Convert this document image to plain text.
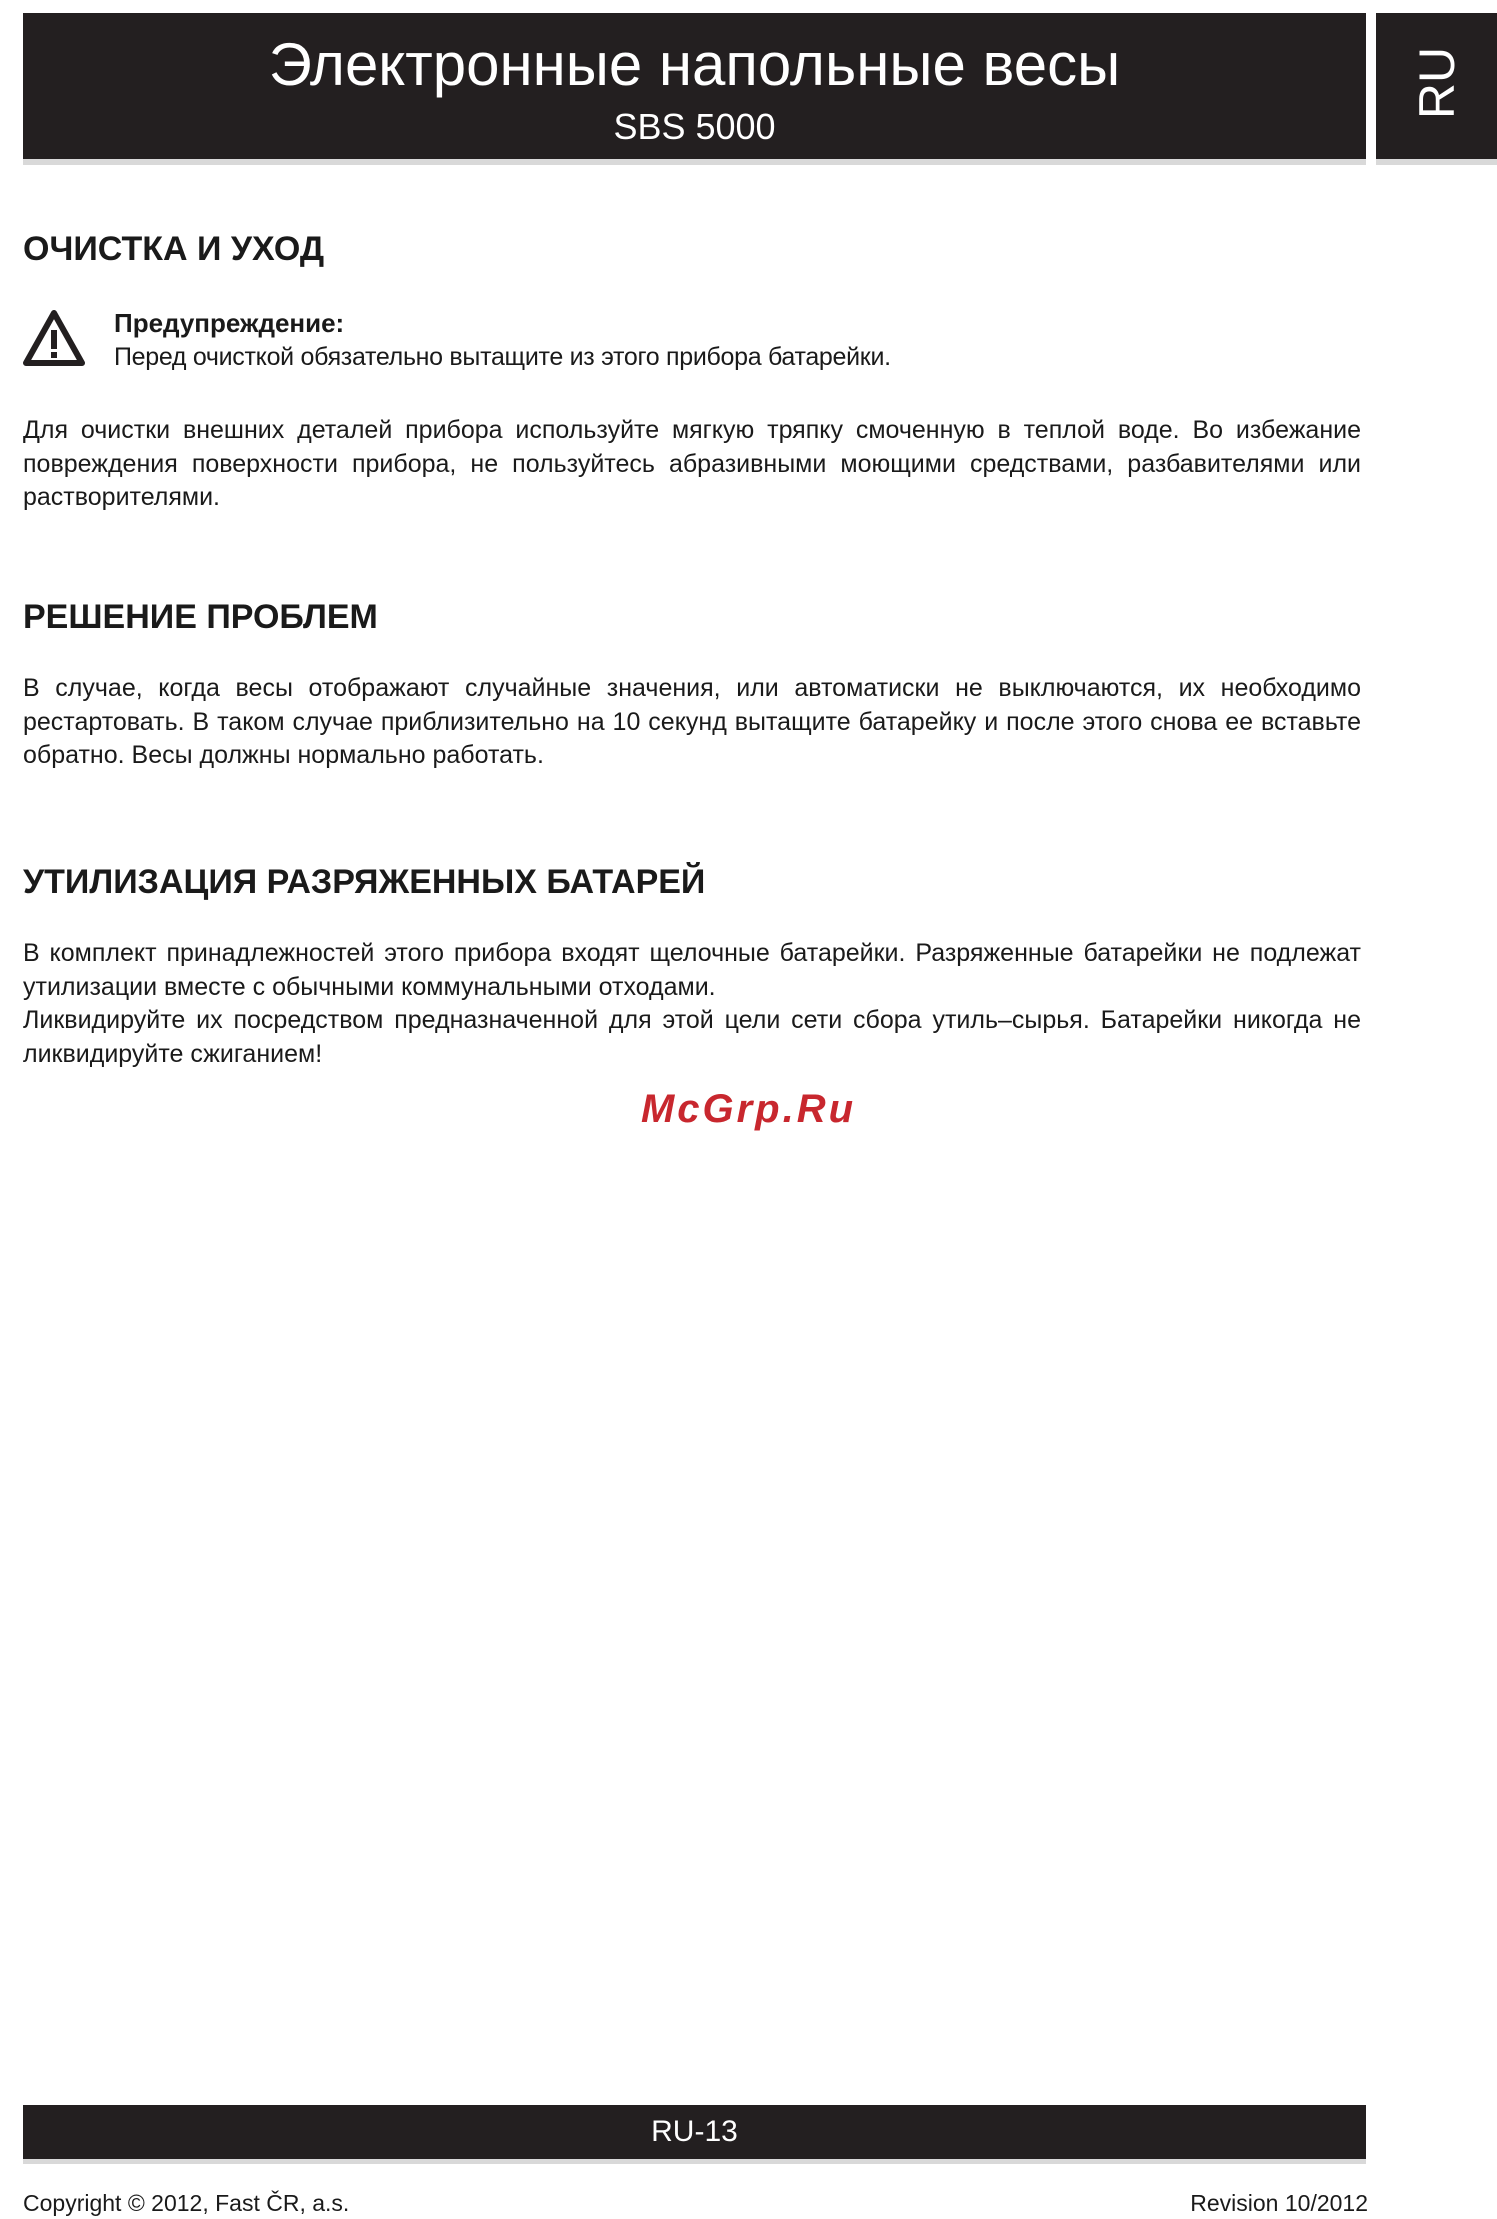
Электронные напольные весы
SBS 5000
RU
ОЧИСТКА И УХОД
Предупреждение:
Перед очисткой обязательно вытащите из этого прибора батарейки.

Для очистки внешних деталей прибора используйте мягкую тряпку смоченную в теплой воде. Во избежание повреждения поверхности прибора, не пользуйтесь абразивными моющими средствами, разбавителями или растворителями.

РЕШЕНИЕ ПРОБЛЕМ

В случае, когда весы отображают случайные значения, или автоматиски не выключаются, их необходимо рестартовать. В таком случае приблизительно на 10 секунд вытащите батарейку и после этого снова ее вставьте обратно. Весы должны нормально работать.

УТИЛИЗАЦИЯ РАЗРЯЖЕННЫХ БАТАРЕЙ

В комплект принадлежностей этого прибора входят щелочные батарейки. Разряженные батарейки не подлежат утилизации вместе с обычными коммунальными отходами.

Ликвидируйте их посредством предназначенной для этой цели сети сбора утиль–сырья. Батарейки никогда не ликвидируйте сжиганием!

McGrp.Ru
RU-13
Copyright © 2012, Fast ČR, a.s.	Revision 10/2012
